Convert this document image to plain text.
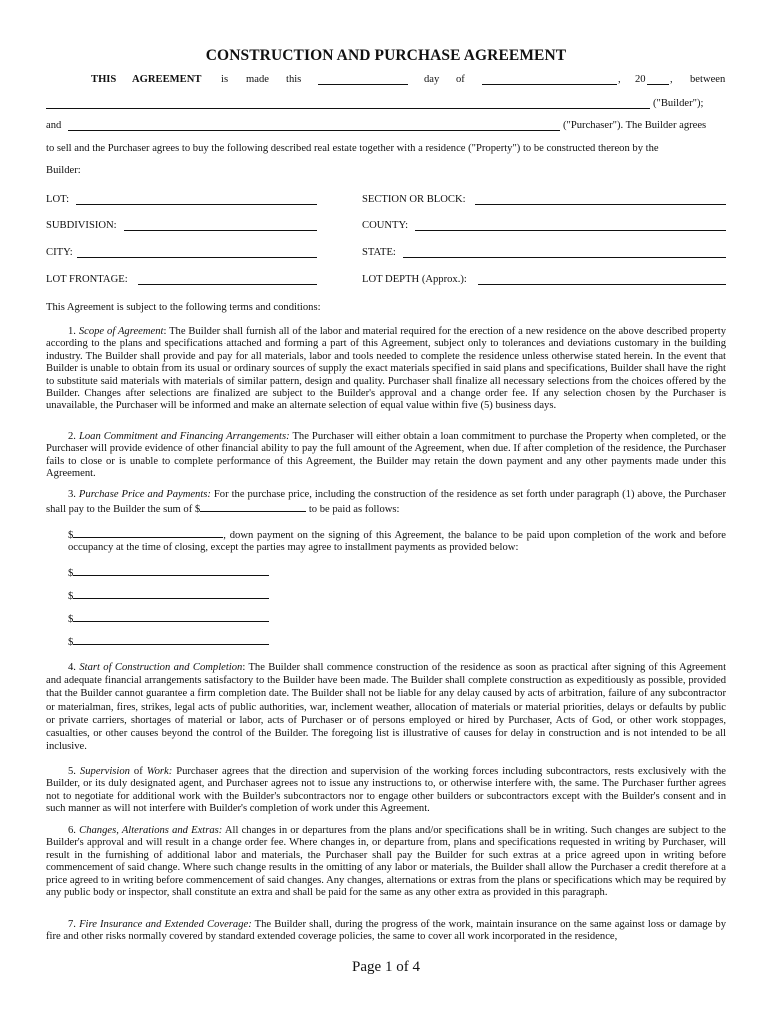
CONSTRUCTION AND PURCHASE AGREEMENT
THIS AGREEMENT is made this	day of	, 20 , between
("Builder");
and	("Purchaser"). The Builder agrees
to sell and the Purchaser agrees to buy the following described real estate together with a residence ("Property") to be constructed thereon by the
Builder:
LOT:	SECTION OR BLOCK:
SUBDIVISION:	COUNTY:
CITY:	STATE:
LOT FRONTAGE:	LOT DEPTH (Approx.):
This Agreement is subject to the following terms and conditions:

1. Scope of Agreement: The Builder shall furnish all of the labor and material required for the erection of a new residence on the above described property according to the plans and specifications attached and forming a part of this Agreement, subject only to tolerances and deviations customary in the building industry. The Builder shall provide and pay for all materials, labor and tools needed to complete the residence unless otherwise stated herein. In the event that Builder is unable to obtain from its usual or ordinary sources of supply the exact materials specified in said plans and specifications, Builder shall have the right to substitute said materials with materials of similar pattern, design and quality. Purchaser shall finalize all necessary selections from the choices offered by the Builder. Changes after selections are finalized are subject to the Builder's approval and a change order fee. If any selection chosen by the Purchaser is unavailable, the Purchaser will be informed and make an alternate selection of equal value within five (5) business days.

2. Loan Commitment and Financing Arrangements: The Purchaser will either obtain a loan commitment to purchase the Property when completed, or the Purchaser will provide evidence of other financial ability to pay the full amount of the Agreement, when due. If after completion of the residence, the Purchaser fails to close or is unable to complete performance of this Agreement, the Builder may retain the down payment and any other payments made under this Agreement.

3. Purchase Price and Payments: For the purchase price, including the construction of the residence as set forth under paragraph (1) above, the Purchaser shall pay to the Builder the sum of $	to be paid as follows:

$	, down payment on the signing of this Agreement, the balance to be paid upon completion of the work and before occupancy at the time of closing, except the parties may agree to installment payments as provided below:
$
$
$
$

4. Start of Construction and Completion: The Builder shall commence construction of the residence as soon as practical after signing of this Agreement and adequate financial arrangements satisfactory to the Builder have been made. The Builder shall complete construction as expeditiously as possible, provided that the Builder cannot guarantee a firm completion date. The Builder shall not be liable for any delay caused by acts of arbitration, failure of any subcontractor or materialman, fires, strikes, legal acts of public authorities, war, inclement weather, allocation of materials or material priorities, delays or defaults by public or private carriers, shortages of material or labor, acts of Purchaser or of persons employed or hired by Purchaser, Acts of God, or other work stoppages, casualties, or other causes beyond the control of the Builder. The foregoing list is illustrative of causes for delay in construction and is not intended to be all inclusive.

5. Supervision of Work: Purchaser agrees that the direction and supervision of the working forces including subcontractors, rests exclusively with the Builder, or its duly designated agent, and Purchaser agrees not to issue any instructions to, or otherwise interfere with, the same. The Purchaser further agrees not to negotiate for additional work with the Builder's subcontractors nor to engage other builders or subcontractors except with the Builder's consent and in such manner as will not interfere with Builder's completion of work under this Agreement.

6. Changes, Alterations and Extras: All changes in or departures from the plans and/or specifications shall be in writing. Such changes are subject to the Builder's approval and will result in a change order fee. Where changes in, or departure from, plans and specifications requested in writing by Purchaser, will result in the furnishing of additional labor and materials, the Purchaser shall pay the Builder for such extras at a price agreed upon in writing before commencement of said change. Where such change results in the omitting of any labor or materials, the Builder shall allow the Purchaser a credit therefore at a price agreed to in writing before commencement of said changes. Any changes, alternations or extras from the plans or specifications which may be required by any public body or inspector, shall constitute an extra and shall be paid for the same as any other extra as provided in this paragraph.

7. Fire Insurance and Extended Coverage: The Builder shall, during the progress of the work, maintain insurance on the same against loss or damage by fire and other risks normally covered by standard extended coverage policies, the same to cover all work incorporated in the residence,

Page 1 of 4
